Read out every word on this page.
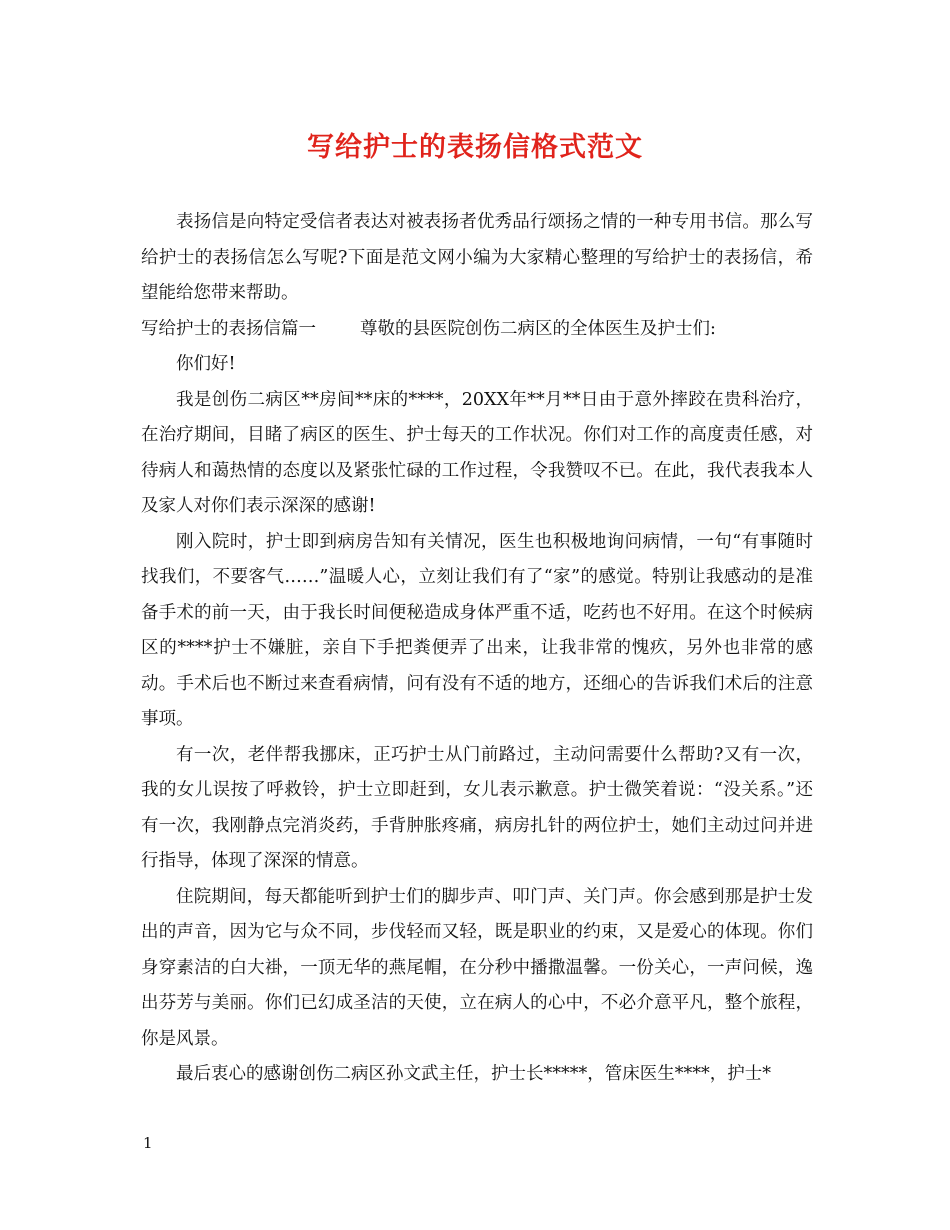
写给护士的表扬信格式范文

表扬信是向特定受信者表达对被表扬者优秀品行颂扬之情的一种专用书信。那么写给护士的表扬信怎么写呢?下面是范文网小编为大家精心整理的写给护士的表扬信，希望能给您带来帮助。

写给护士的表扬信篇一	尊敬的县医院创伤二病区的全体医生及护士们:

你们好!

我是创伤二病区**房间**床的****，20XX年**月**日由于意外摔跤在贵科治疗，在治疗期间，目睹了病区的医生、护士每天的工作状况。你们对工作的高度责任感，对待病人和蔼热情的态度以及紧张忙碌的工作过程，令我赞叹不已。在此，我代表我本人及家人对你们表示深深的感谢!

刚入院时，护士即到病房告知有关情况，医生也积极地询问病情，一句“有事随时找我们，不要客气……”温暖人心，立刻让我们有了“家”的感觉。特别让我感动的是准备手术的前一天，由于我长时间便秘造成身体严重不适，吃药也不好用。在这个时候病区的****护士不嫌脏，亲自下手把粪便弄了出来，让我非常的愧疚，另外也非常的感动。手术后也不断过来查看病情，问有没有不适的地方，还细心的告诉我们术后的注意事项。

有一次，老伴帮我挪床，正巧护士从门前路过，主动问需要什么帮助?又有一次，我的女儿误按了呼救铃，护士立即赶到，女儿表示歉意。护士微笑着说：“没关系。”还有一次，我刚静点完消炎药，手背肿胀疼痛，病房扎针的两位护士，她们主动过问并进行指导，体现了深深的情意。

住院期间，每天都能听到护士们的脚步声、叩门声、关门声。你会感到那是护士发出的声音，因为它与众不同，步伐轻而又轻，既是职业的约束，又是爱心的体现。你们身穿素洁的白大褂，一顶无华的燕尾帽，在分秒中播撒温馨。一份关心，一声问候，逸出芬芳与美丽。你们已幻成圣洁的天使，立在病人的心中，不必介意平凡，整个旅程，你是风景。

最后衷心的感谢创伤二病区孙文武主任，护士长*****，管床医生****，护士*

1
